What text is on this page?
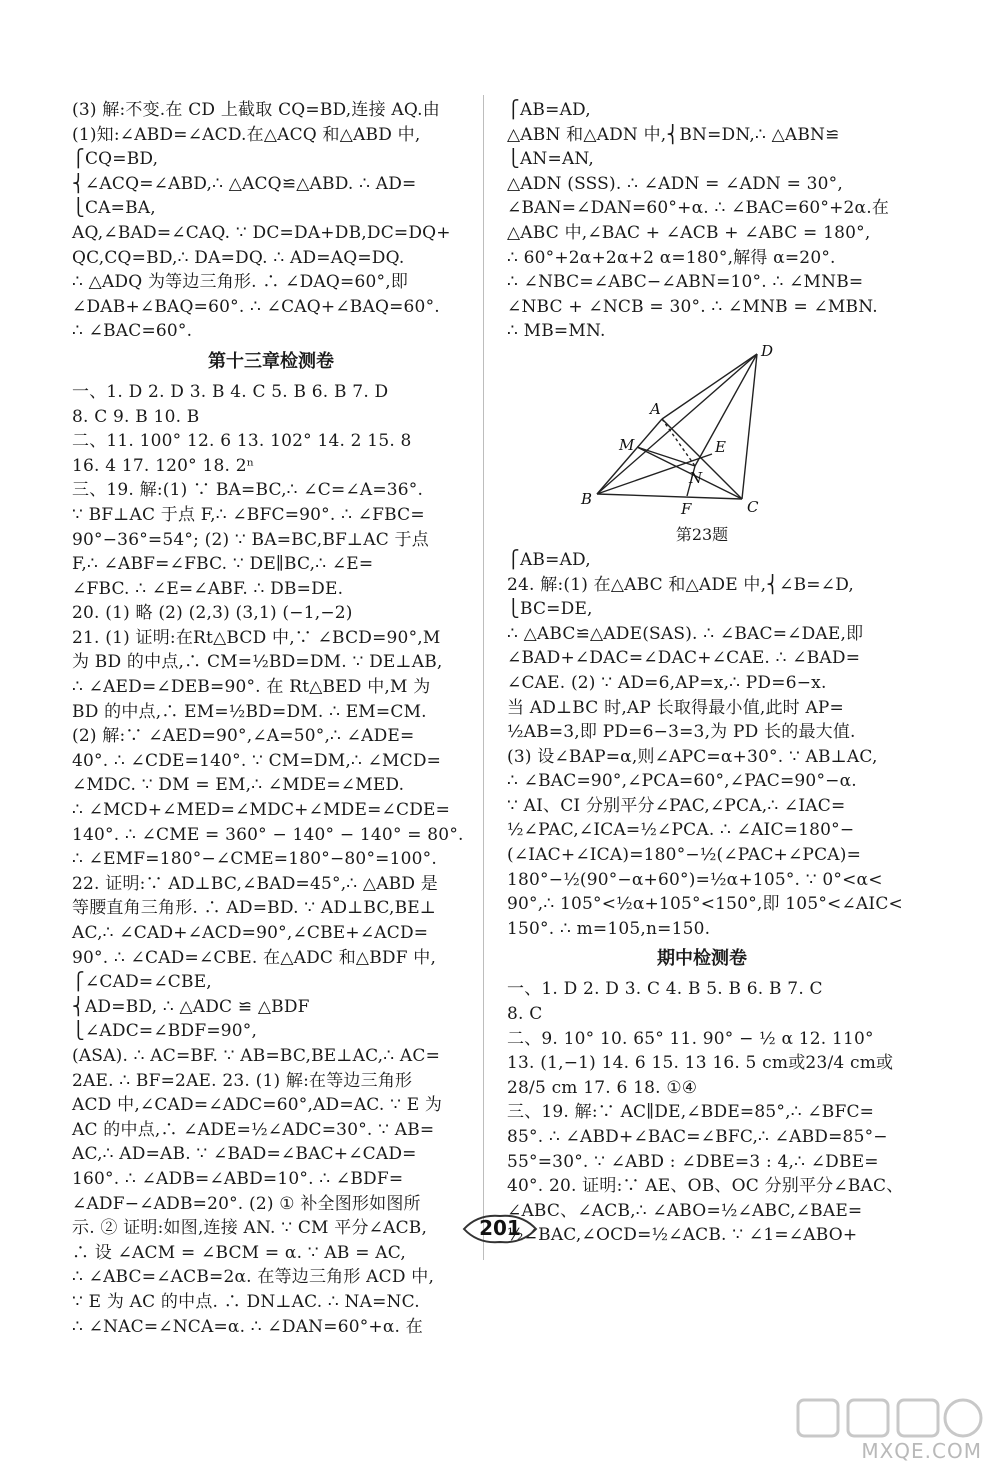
(3) 解:不变.在 CD 上截取 CQ=BD,连接 AQ.由
(1)知:∠ABD=∠ACD.在△ACQ 和△ABD 中,
⎧CQ=BD,
⎨∠ACQ=∠ABD,∴ △ACQ≌△ABD. ∴ AD=
⎩CA=BA,
AQ,∠BAD=∠CAQ. ∵ DC=DA+DB,DC=DQ+
QC,CQ=BD,∴ DA=DQ. ∴ AD=AQ=DQ.
∴ △ADQ 为等边三角形. ∴ ∠DAQ=60°,即
∠DAB+∠BAQ=60°. ∴ ∠CAQ+∠BAQ=60°.
∴ ∠BAC=60°.
第十三章检测卷
一、1. D 2. D 3. B 4. C 5. B 6. B 7. D
8. C 9. B 10. B
二、11. 100° 12. 6 13. 102° 14. 2 15. 8
16. 4 17. 120° 18. 2ⁿ
三、19. 解:(1) ∵ BA=BC,∴ ∠C=∠A=36°.
∵ BF⊥AC 于点 F,∴ ∠BFC=90°. ∴ ∠FBC=
90°−36°=54°; (2) ∵ BA=BC,BF⊥AC 于点
F,∴ ∠ABF=∠FBC. ∵ DE∥BC,∴ ∠E=
∠FBC. ∴ ∠E=∠ABF. ∴ DB=DE.
20. (1) 略 (2) (2,3) (3,1) (−1,−2)
21. (1) 证明:在Rt△BCD 中,∵ ∠BCD=90°,M
为 BD 的中点,∴ CM=½BD=DM. ∵ DE⊥AB,
∴ ∠AED=∠DEB=90°. 在 Rt△BED 中,M 为
BD 的中点,∴ EM=½BD=DM. ∴ EM=CM.
(2) 解:∵ ∠AED=90°,∠A=50°,∴ ∠ADE=
40°. ∴ ∠CDE=140°. ∵ CM=DM,∴ ∠MCD=
∠MDC. ∵ DM = EM,∴ ∠MDE=∠MED.
∴ ∠MCD+∠MED=∠MDC+∠MDE=∠CDE=
140°. ∴ ∠CME = 360° − 140° − 140° = 80°.
∴ ∠EMF=180°−∠CME=180°−80°=100°.
22. 证明:∵ AD⊥BC,∠BAD=45°,∴ △ABD 是
等腰直角三角形. ∴ AD=BD. ∵ AD⊥BC,BE⊥
AC,∴ ∠CAD+∠ACD=90°,∠CBE+∠ACD=
90°. ∴ ∠CAD=∠CBE. 在△ADC 和△BDF 中,
⎧∠CAD=∠CBE,
⎨AD=BD, ∴ △ADC ≌ △BDF
⎩∠ADC=∠BDF=90°,
(ASA). ∴ AC=BF. ∵ AB=BC,BE⊥AC,∴ AC=
2AE. ∴ BF=2AE. 23. (1) 解:在等边三角形
ACD 中,∠CAD=∠ADC=60°,AD=AC. ∵ E 为
AC 的中点,∴ ∠ADE=½∠ADC=30°. ∵ AB=
AC,∴ AD=AB. ∵ ∠BAD=∠BAC+∠CAD=
160°. ∴ ∠ADB=∠ABD=10°. ∴ ∠BDF=
∠ADF−∠ADB=20°. (2) ① 补全图形如图所
示. ② 证明:如图,连接 AN. ∵ CM 平分∠ACB,
∴ 设 ∠ACM = ∠BCM = α. ∵ AB = AC,
∴ ∠ABC=∠ACB=2α. 在等边三角形 ACD 中,
∵ E 为 AC 的中点. ∴ DN⊥AC. ∴ NA=NC.
∴ ∠NAC=∠NCA=α. ∴ ∠DAN=60°+α. 在
⎧AB=AD,
△ABN 和△ADN 中,⎨BN=DN,∴ △ABN≌
⎩AN=AN,
△ADN (SSS). ∴ ∠ADN = ∠ADN = 30°,
∠BAN=∠DAN=60°+α. ∴ ∠BAC=60°+2α.在
△ABC 中,∠BAC + ∠ACB + ∠ABC = 180°,
∴ 60°+2α+2α+2 α=180°,解得 α=20°.
∴ ∠NBC=∠ABC−∠ABN=10°. ∴ ∠MNB=
∠NBC + ∠NCB = 30°. ∴ ∠MNB = ∠MBN.
∴ MB=MN.
A
B	C
D
E
F
M
N
第23题
⎧AB=AD,
24. 解:(1) 在△ABC 和△ADE 中,⎨∠B=∠D,
⎩BC=DE,
∴ △ABC≌△ADE(SAS). ∴ ∠BAC=∠DAE,即
∠BAD+∠DAC=∠DAC+∠CAE. ∴ ∠BAD=
∠CAE. (2) ∵ AD=6,AP=x,∴ PD=6−x.
当 AD⊥BC 时,AP 长取得最小值,此时 AP=
½AB=3,即 PD=6−3=3,为 PD 长的最大值.
(3) 设∠BAP=α,则∠APC=α+30°. ∵ AB⊥AC,
∴ ∠BAC=90°,∠PCA=60°,∠PAC=90°−α.
∵ AI、CI 分别平分∠PAC,∠PCA,∴ ∠IAC=
½∠PAC,∠ICA=½∠PCA. ∴ ∠AIC=180°−
(∠IAC+∠ICA)=180°−½(∠PAC+∠PCA)=
180°−½(90°−α+60°)=½α+105°. ∵ 0°<α<
90°,∴ 105°<½α+105°<150°,即 105°<∠AIC<
150°. ∴ m=105,n=150.
期中检测卷
一、1. D 2. D 3. C 4. B 5. B 6. B 7. C
8. C
二、9. 10° 10. 65° 11. 90° − ½ α 12. 110°
13. (1,−1) 14. 6 15. 13 16. 5 cm或23/4 cm或
28/5 cm 17. 6 18. ①④
三、19. 解:∵ AC∥DE,∠BDE=85°,∴ ∠BFC=
85°. ∴ ∠ABD+∠BAC=∠BFC,∴ ∠ABD=85°−
55°=30°. ∵ ∠ABD : ∠DBE=3 : 4,∴ ∠DBE=
40°. 20. 证明:∵ AE、OB、OC 分别平分∠BAC、
∠ABC、∠ACB,∴ ∠ABO=½∠ABC,∠BAE=
½∠BAC,∠OCD=½∠ACB. ∵ ∠1=∠ABO+
201
MXQE.COM
